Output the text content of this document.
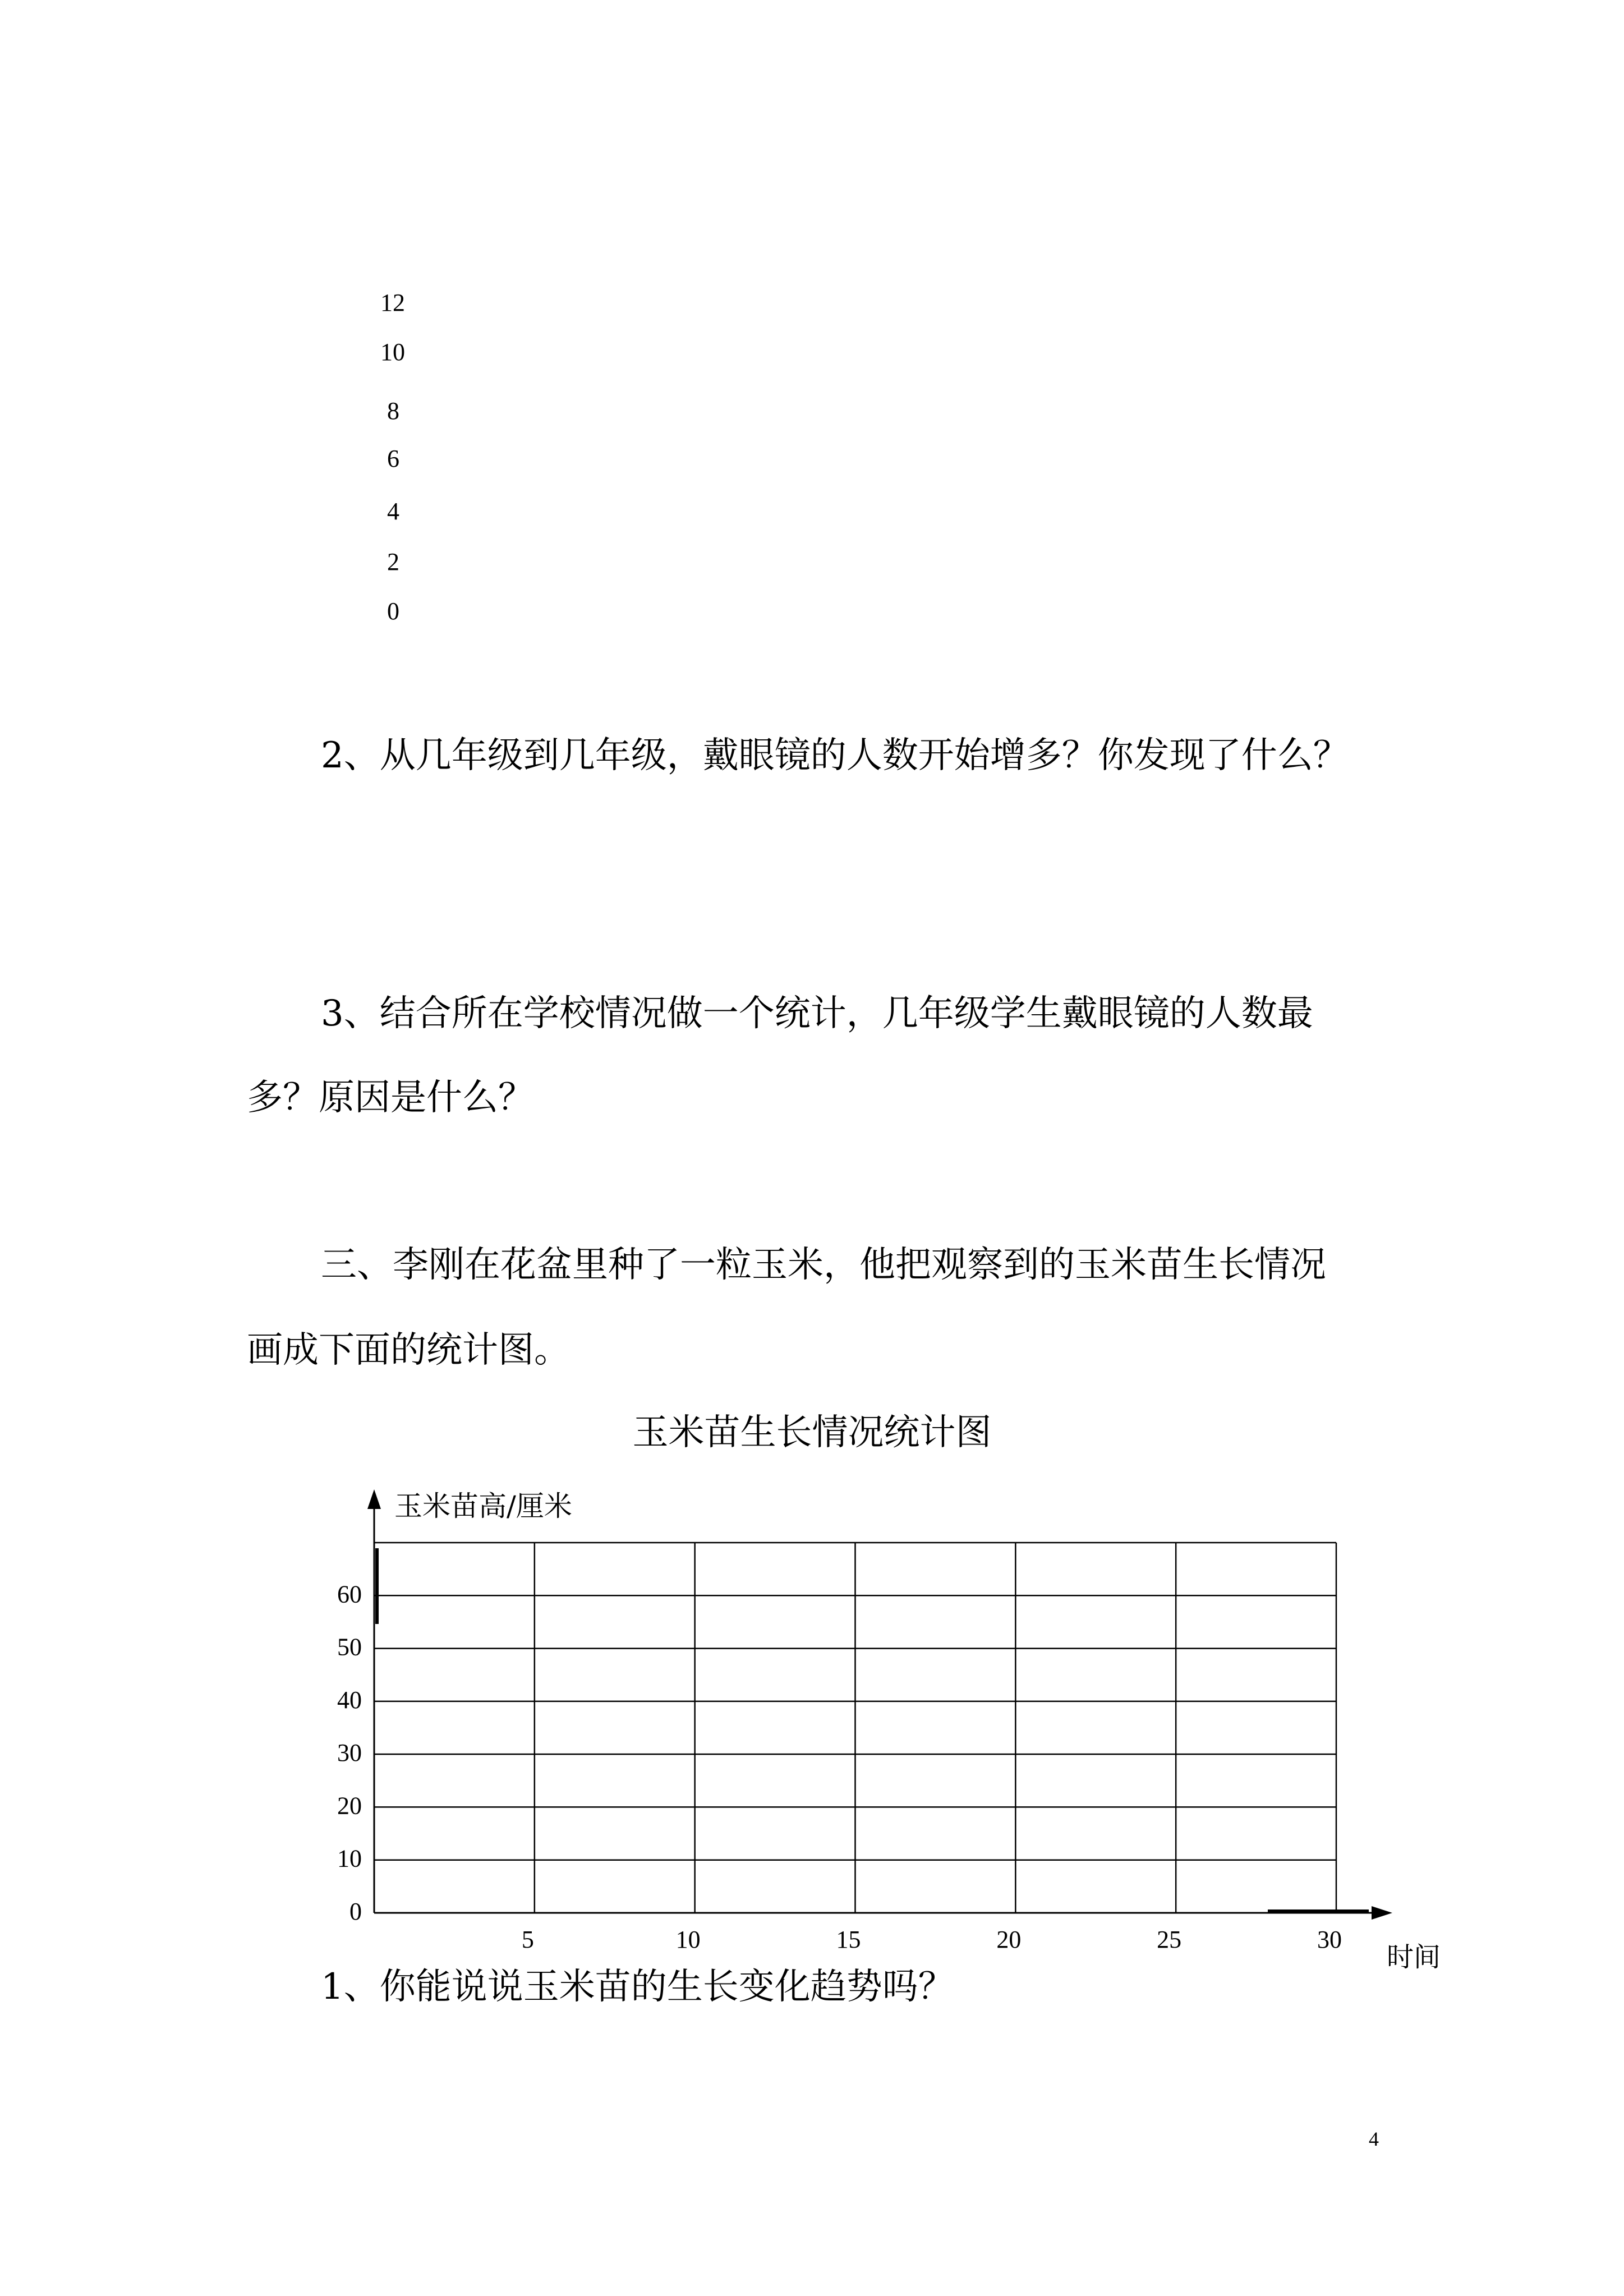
12
10
8
6
4
2
0
2、从几年级到几年级，戴眼镜的人数开始增多？你发现了什么？
3、结合所在学校情况做一个统计，几年级学生戴眼镜的人数最
多？原因是什么？
三、李刚在花盆里种了一粒玉米，他把观察到的玉米苗生长情况
画成下面的统计图。
玉米苗生长情况统计图
玉米苗高/厘米
时间
0
10
20
30
40
50
60
5	10	15	20	25	30
1、你能说说玉米苗的生长变化趋势吗？
4
